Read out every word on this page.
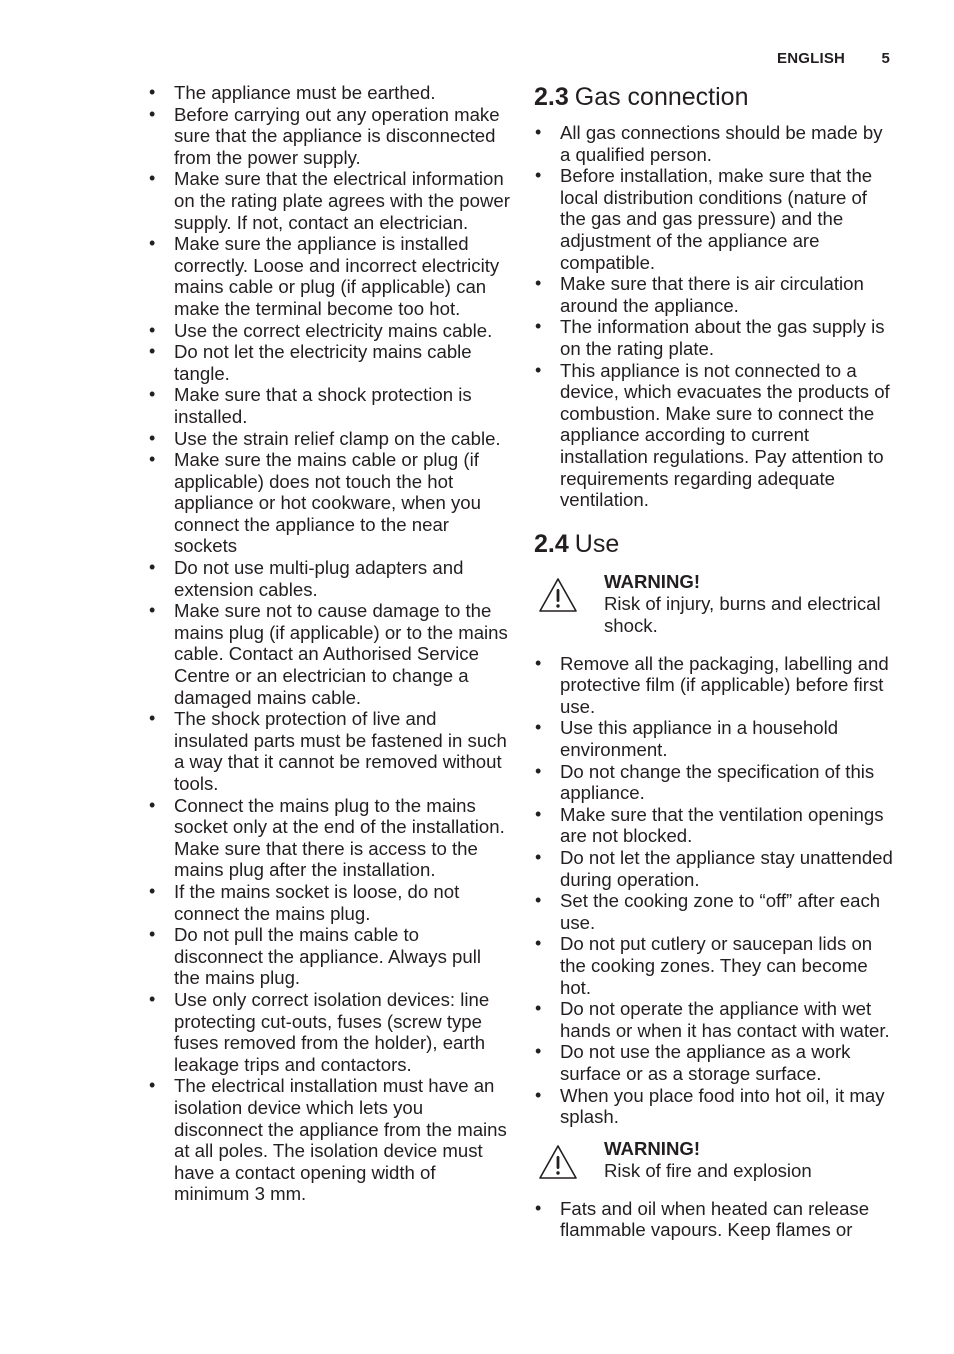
ENGLISH 5
• The appliance must be earthed.
• Before carrying out any operation make sure that the appliance is disconnected from the power supply.
• Make sure that the electrical information on the rating plate agrees with the power supply. If not, contact an electrician.
• Make sure the appliance is installed correctly. Loose and incorrect electricity mains cable or plug (if applicable) can make the terminal become too hot.
• Use the correct electricity mains cable.
• Do not let the electricity mains cable tangle.
• Make sure that a shock protection is installed.
• Use the strain relief clamp on the cable.
• Make sure the mains cable or plug (if applicable) does not touch the hot appliance or hot cookware, when you connect the appliance to the near sockets
• Do not use multi-plug adapters and extension cables.
• Make sure not to cause damage to the mains plug (if applicable) or to the mains cable. Contact an Authorised Service Centre or an electrician to change a damaged mains cable.
• The shock protection of live and insulated parts must be fastened in such a way that it cannot be removed without tools.
• Connect the mains plug to the mains socket only at the end of the installation. Make sure that there is access to the mains plug after the installation.
• If the mains socket is loose, do not connect the mains plug.
• Do not pull the mains cable to disconnect the appliance. Always pull the mains plug.
• Use only correct isolation devices: line protecting cut-outs, fuses (screw type fuses removed from the holder), earth leakage trips and contactors.
• The electrical installation must have an isolation device which lets you disconnect the appliance from the mains at all poles. The isolation device must have a contact opening width of minimum 3 mm.
2.3 Gas connection
• All gas connections should be made by a qualified person.
• Before installation, make sure that the local distribution conditions (nature of the gas and gas pressure) and the adjustment of the appliance are compatible.
• Make sure that there is air circulation around the appliance.
• The information about the gas supply is on the rating plate.
• This appliance is not connected to a device, which evacuates the products of combustion. Make sure to connect the appliance according to current installation regulations. Pay attention to requirements regarding adequate ventilation.
2.4 Use
WARNING!
Risk of injury, burns and electrical shock.
• Remove all the packaging, labelling and protective film (if applicable) before first use.
• Use this appliance in a household environment.
• Do not change the specification of this appliance.
• Make sure that the ventilation openings are not blocked.
• Do not let the appliance stay unattended during operation.
• Set the cooking zone to “off” after each use.
• Do not put cutlery or saucepan lids on the cooking zones. They can become hot.
• Do not operate the appliance with wet hands or when it has contact with water.
• Do not use the appliance as a work surface or as a storage surface.
• When you place food into hot oil, it may splash.
WARNING!
Risk of fire and explosion
• Fats and oil when heated can release flammable vapours. Keep flames or
